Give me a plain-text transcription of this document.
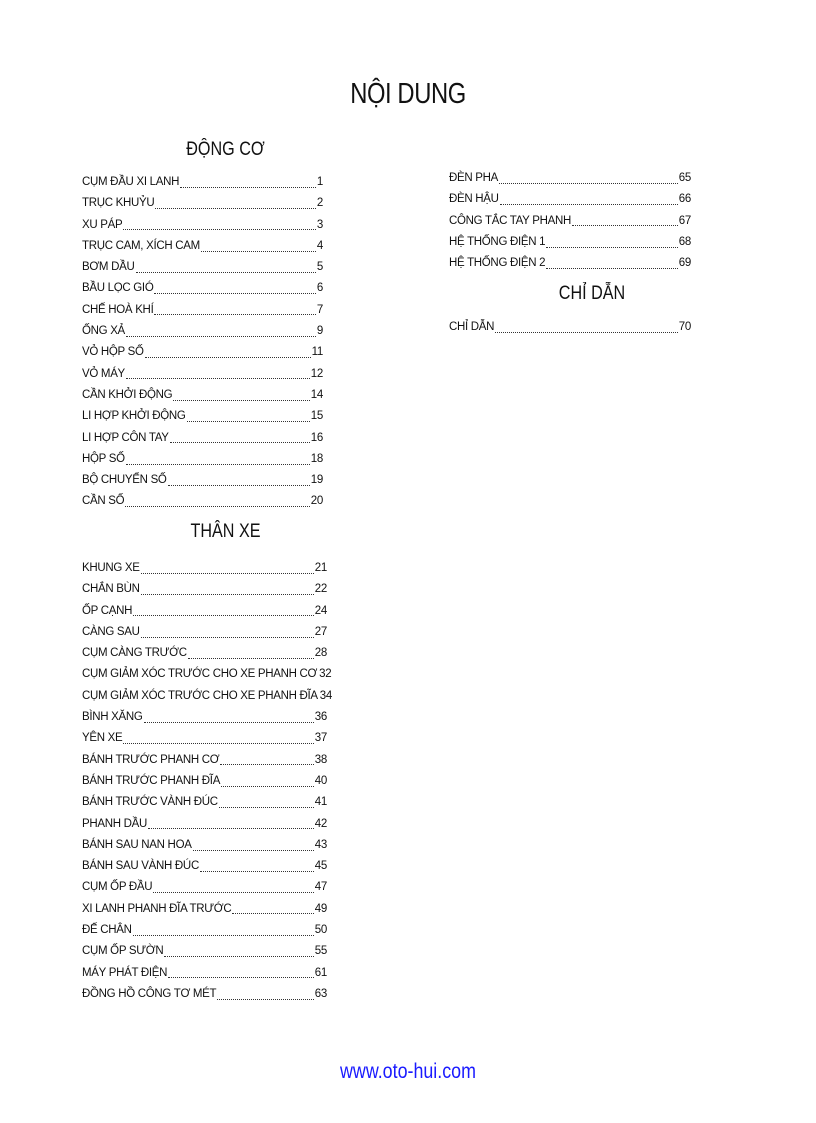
NỘI DUNG
ĐỘNG CƠ
CỤM ĐẦU XI LANH	1
TRỤC KHUỶU	2
XU PÁP	3
TRỤC CAM, XÍCH CAM	4
BƠM DẦU	5
BẦU LỌC GIÓ	6
CHẾ HOÀ KHÍ	7
ỐNG XẢ	9
VỎ HỘP SỐ	11
VỎ MÁY	12
CẦN KHỞI ĐỘNG	14
LI HỢP KHỞI ĐỘNG	15
LI HỢP CÔN TAY	16
HỘP SỐ	18
BỘ CHUYỂN SỐ	19
CẦN SỐ	20
THÂN XE
KHUNG XE	21
CHẮN BÙN	22
ỐP CẠNH	24
CÀNG SAU	27
CỤM CÀNG TRƯỚC	28
CỤM GIẢM XÓC TRƯỚC CHO XE PHANH CƠ 32
CỤM GIẢM XÓC TRƯỚC CHO XE PHANH ĐĨA 34
BÌNH XĂNG	36
YÊN XE	37
BÁNH TRƯỚC PHANH CƠ	38
BÁNH TRƯỚC PHANH ĐĨA	40
BÁNH TRƯỚC VÀNH ĐÚC	41
PHANH DẦU	42
BÁNH SAU NAN HOA	43
BÁNH SAU VÀNH ĐÚC	45
CỤM ỐP ĐẦU	47
XI LANH PHANH ĐĨA TRƯỚC	49
ĐẾ CHÂN	50
CỤM ỐP SƯỜN	55
MÁY PHÁT ĐIỆN	61
ĐỒNG HỒ CÔNG TƠ MÉT	63
ĐÈN PHA	65
ĐÈN HẬU	66
CÔNG TẮC TAY PHANH	67
HỆ THỐNG ĐIỆN 1	68
HỆ THỐNG ĐIỆN 2	69
CHỈ DẪN
CHỈ DẪN	70
www.oto-hui.com
